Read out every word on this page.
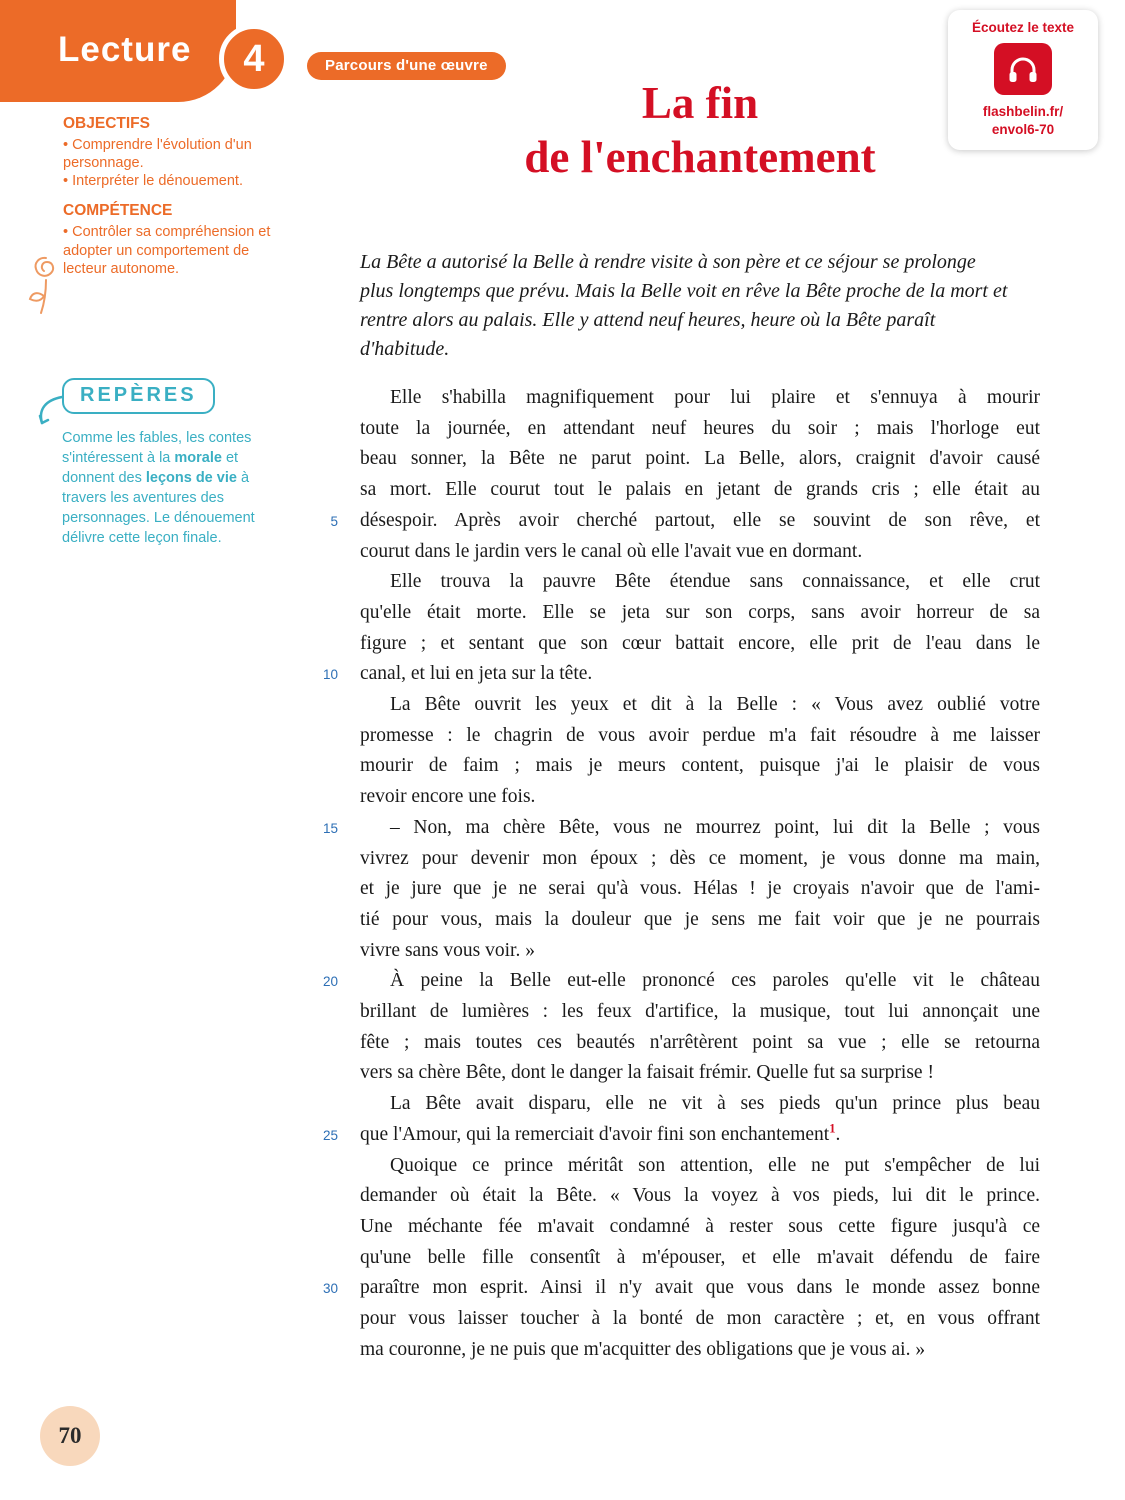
Lecture 4	Parcours d'une œuvre
Écoutez le texte
flashbelin.fr/
envol6-70
La fin
de l'enchantement
OBJECTIFS
• Comprendre l'évolution d'un personnage.
• Interpréter le dénouement.
COMPÉTENCE
• Contrôler sa compréhension et adopter un comportement de lecteur autonome.
REPÈRES

Comme les fables, les contes s'intéressent à la morale et donnent des leçons de vie à travers les aventures des personnages. Le dénouement délivre cette leçon finale.

La Bête a autorisé la Belle à rendre visite à son père et ce séjour se prolonge plus longtemps que prévu. Mais la Belle voit en rêve la Bête proche de la mort et rentre alors au palais. Elle y attend neuf heures, heure où la Bête paraît d'habitude.

Elle s'habilla magnifiquement pour lui plaire et s'ennuya à mourir
toute la journée, en attendant neuf heures du soir ; mais l'horloge eut
beau sonner, la Bête ne parut point. La Belle, alors, craignit d'avoir causé
sa mort. Elle courut tout le palais en jetant de grands cris ; elle était au
5 désespoir. Après avoir cherché partout, elle se souvint de son rêve, et
courut dans le jardin vers le canal où elle l'avait vue en dormant.
Elle trouva la pauvre Bête étendue sans connaissance, et elle crut
qu'elle était morte. Elle se jeta sur son corps, sans avoir horreur de sa
figure ; et sentant que son cœur battait encore, elle prit de l'eau dans le
10 canal, et lui en jeta sur la tête.
La Bête ouvrit les yeux et dit à la Belle : « Vous avez oublié votre
promesse : le chagrin de vous avoir perdue m'a fait résoudre à me laisser
mourir de faim ; mais je meurs content, puisque j'ai le plaisir de vous
revoir encore une fois.
15	– Non, ma chère Bête, vous ne mourrez point, lui dit la Belle ; vous
vivrez pour devenir mon époux ; dès ce moment, je vous donne ma main,
et je jure que je ne serai qu'à vous. Hélas ! je croyais n'avoir que de l'ami-
tié pour vous, mais la douleur que je sens me fait voir que je ne pourrais
vivre sans vous voir. »
20	À peine la Belle eut-elle prononcé ces paroles qu'elle vit le château
brillant de lumières : les feux d'artifice, la musique, tout lui annonçait une
fête ; mais toutes ces beautés n'arrêtèrent point sa vue ; elle se retourna
vers sa chère Bête, dont le danger la faisait frémir. Quelle fut sa surprise !
La Bête avait disparu, elle ne vit à ses pieds qu'un prince plus beau
25 que l'Amour, qui la remerciait d'avoir fini son enchantement$^1$.
Quoique ce prince méritât son attention, elle ne put s'empêcher de lui
demander où était la Bête. « Vous la voyez à vos pieds, lui dit le prince.
Une méchante fée m'avait condamné à rester sous cette figure jusqu'à ce
qu'une belle fille consentît à m'épouser, et elle m'avait défendu de faire
30 paraître mon esprit. Ainsi il n'y avait que vous dans le monde assez bonne
pour vous laisser toucher à la bonté de mon caractère ; et, en vous offrant
ma couronne, je ne puis que m'acquitter des obligations que je vous ai. »
70
